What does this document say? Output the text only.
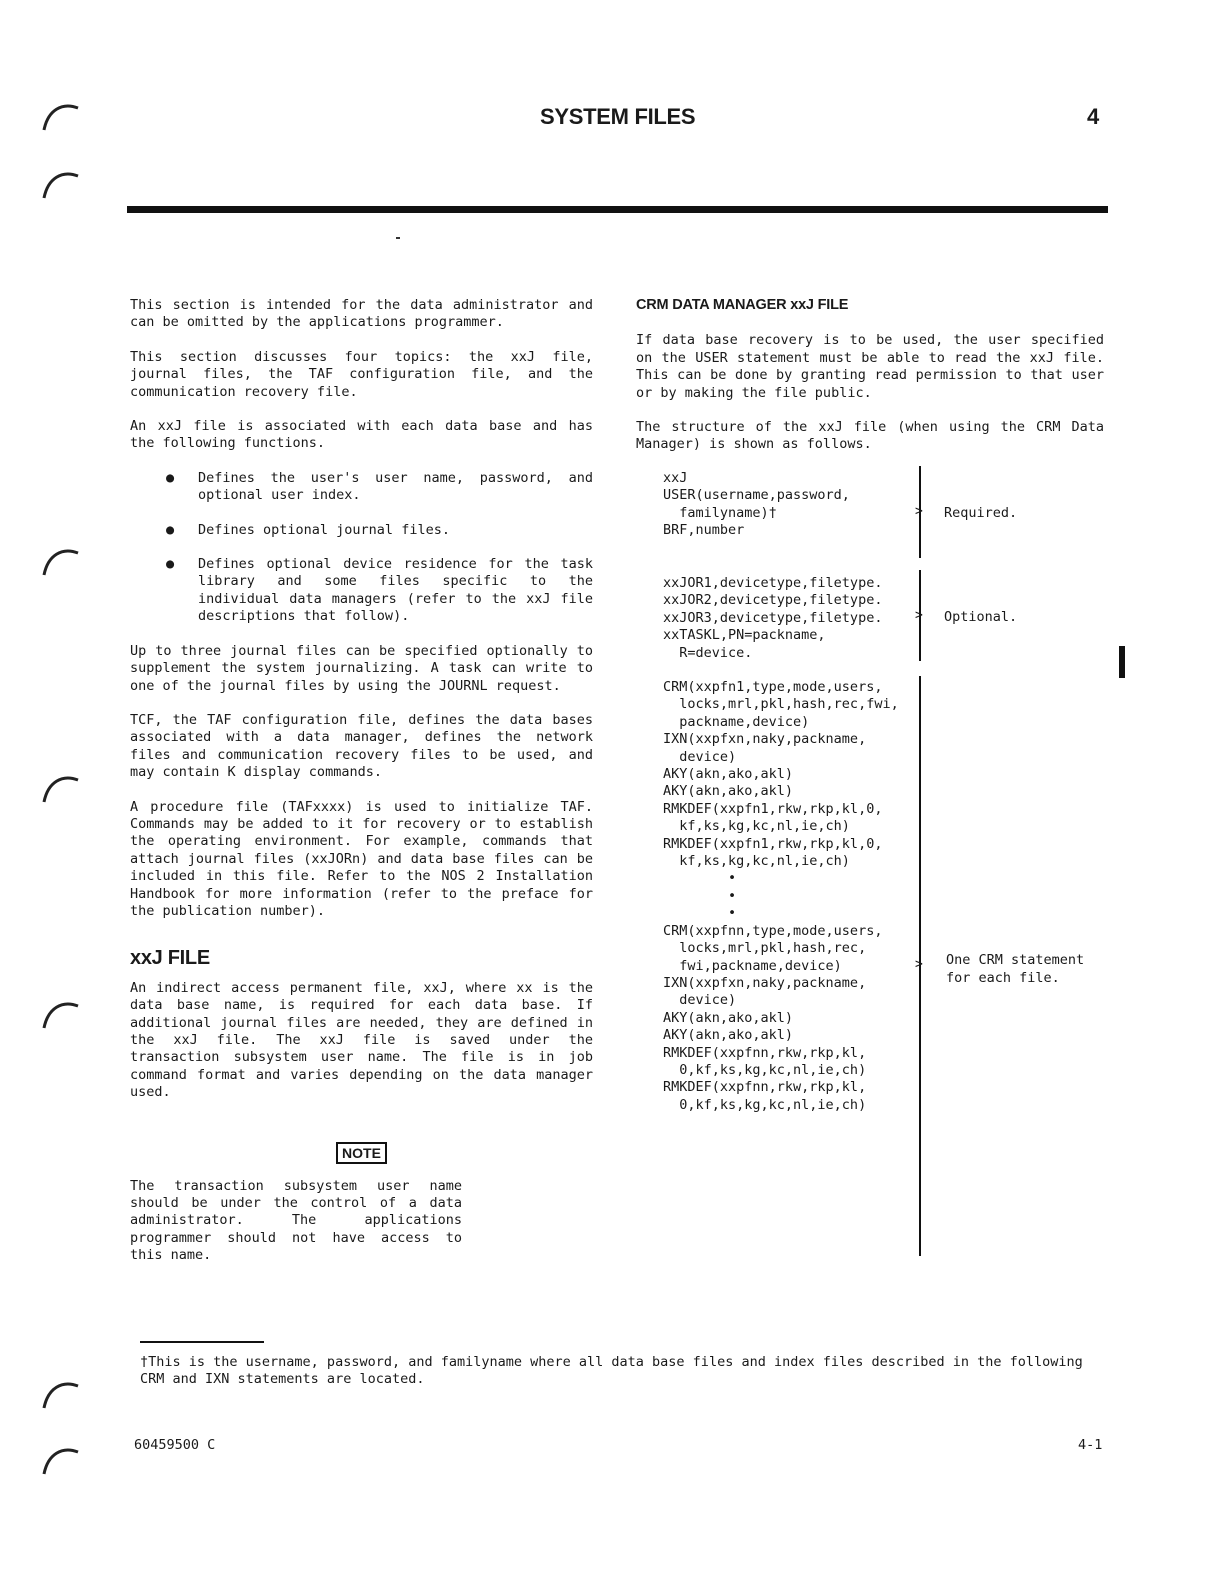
SYSTEM FILES	4

This section is intended for the data administrator and can be omitted by the applications programmer.

This section discusses four topics: the xxJ file, journal files, the TAF configuration file, and the communication recovery file.

An xxJ file is associated with each data base and has the following functions.

● Defines the user's user name, password, and optional user index.
● Defines optional journal files.
● Defines optional device residence for the task library and some files specific to the individual data managers (refer to the xxJ file descriptions that follow).

Up to three journal files can be specified optionally to supplement the system journalizing. A task can write to one of the journal files by using the JOURNL request.

TCF, the TAF configuration file, defines the data bases associated with a data manager, defines the network files and communication recovery files to be used, and may contain K display commands.

A procedure file (TAFxxxx) is used to initialize TAF. Commands may be added to it for recovery or to establish the operating environment. For example, commands that attach journal files (xxJORn) and data base files can be included in this file. Refer to the NOS 2 Installation Handbook for more information (refer to the preface for the publication number).

xxJ FILE

An indirect access permanent file, xxJ, where xx is the data base name, is required for each data base. If additional journal files are needed, they are defined in the xxJ file. The xxJ file is saved under the transaction subsystem user name. The file is in job command format and varies depending on the data manager used.

NOTE

The transaction subsystem user name should be under the control of a data administrator. The applications programmer should not have access to this name.

CRM DATA MANAGER xxJ FILE

If data base recovery is to be used, the user specified on the USER statement must be able to read the xxJ file. This can be done by granting read permission to that user or by making the file public.

The structure of the xxJ file (when using the CRM Data Manager) is shown as follows.

xxJ
USER(username,password,
familyname)†
BRF,number
xxJOR1,devicetype,filetype.
xxJOR2,devicetype,filetype.
xxJOR3,devicetype,filetype.
xxTASKL,PN=packname,
R=device.
CRM(xxpfn1,type,mode,users,
locks,mrl,pkl,hash,rec,fwi,
packname,device)
IXN(xxpfxn,naky,packname,
device)
AKY(akn,ako,akl)
AKY(akn,ako,akl)
RMKDEF(xxpfn1,rkw,rkp,kl,0,
kf,ks,kg,kc,nl,ie,ch)
RMKDEF(xxpfn1,rkw,rkp,kl,0,
kf,ks,kg,kc,nl,ie,ch)
•
•
•
CRM(xxpfnn,type,mode,users,
locks,mrl,pkl,hash,rec,
fwi,packname,device)
IXN(xxpfxn,naky,packname,
device)
AKY(akn,ako,akl)
AKY(akn,ako,akl)
RMKDEF(xxpfnn,rkw,rkp,kl,
0,kf,ks,kg,kc,nl,ie,ch)
RMKDEF(xxpfnn,rkw,rkp,kl,
0,kf,ks,kg,kc,nl,ie,ch)
>
>
>
Required.
Optional.
One CRM statement
for each file.
†This is the username, password, and familyname where all data base files and index files described in the following CRM and IXN statements are located.
60459500 C	4-1
